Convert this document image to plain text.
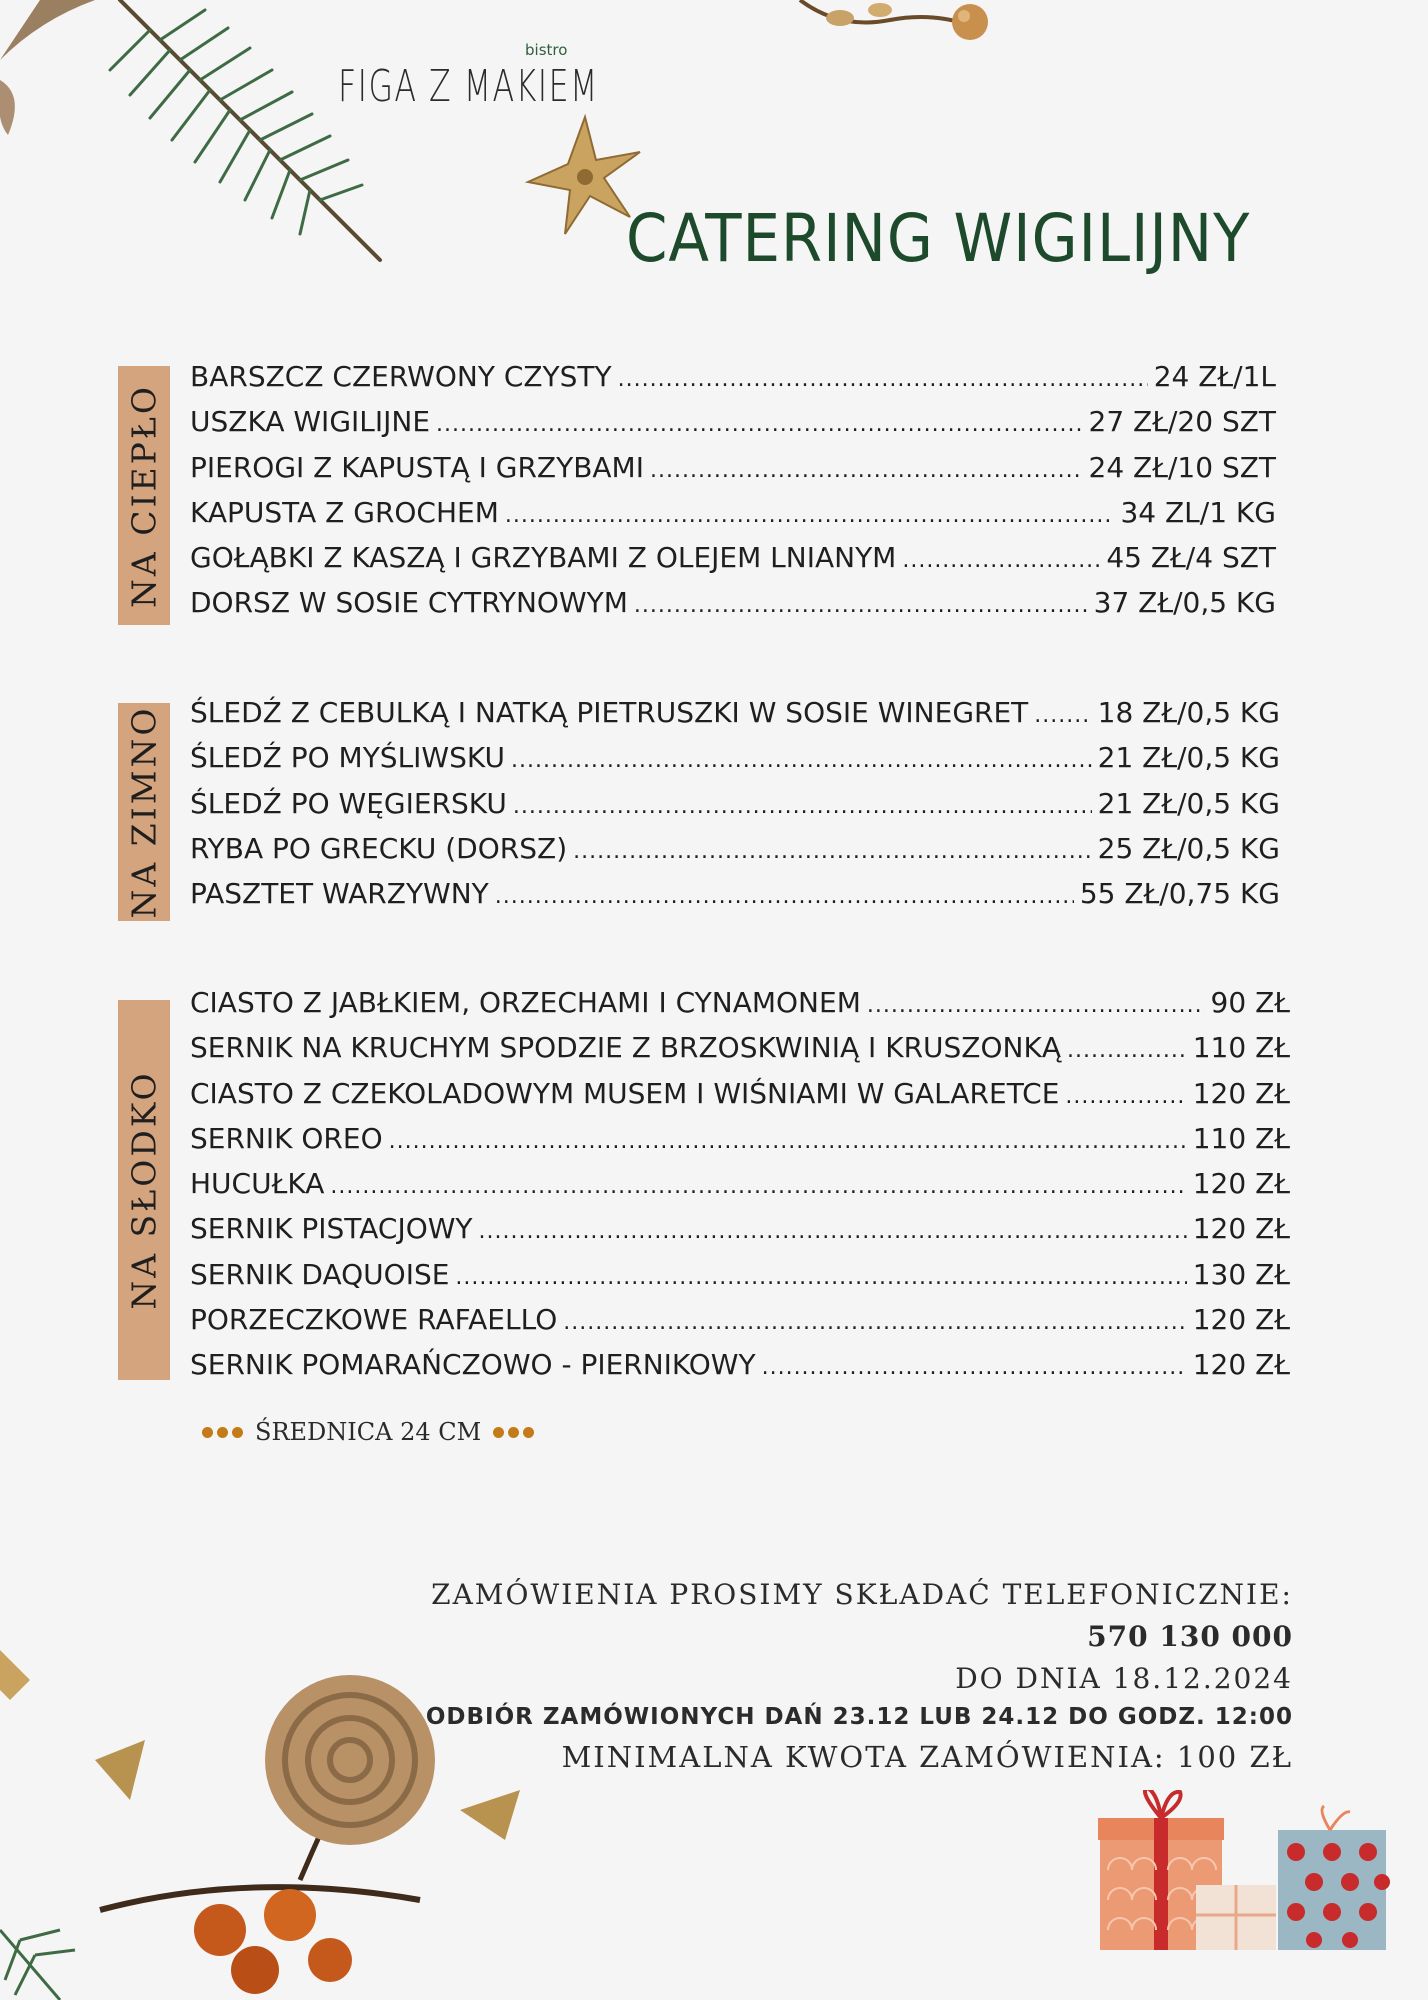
FIGA Z MAKIEM
bistro
CATERING WIGILIJNY
NA CIEPŁO
BARSZCZ CZERWONY CZYSTY .....	24 ZŁ/1L
USZKA WIGILIJNE .....	27 ZŁ/20 SZT
PIEROGI Z KAPUSTĄ I GRZYBAMI .....	24 ZŁ/10 SZT
KAPUSTA Z GROCHEM .....	34 ZL/1 KG
GOŁĄBKI Z KASZĄ I GRZYBAMI Z OLEJEM LNIANYM .....	45 ZŁ/4 SZT
DORSZ W SOSIE CYTRYNOWYM .....	37 ZŁ/0,5 KG
NA ZIMNO ŚLEDŹ Z CEBULKĄ I NATKĄ PIETRUSZKI W SOSIE WINEGRET ..... 18 ZŁ/0,5 KG
ŚLEDŹ PO MYŚLIWSKU .....	21 ZŁ/0,5 KG
ŚLEDŹ PO WĘGIERSKU .....	21 ZŁ/0,5 KG
RYBA PO GRECKU (DORSZ) .....	25 ZŁ/0,5 KG
PASZTET WARZYWNY .....	55 ZŁ/0,75 KG
NA SŁODKO
CIASTO Z JABŁKIEM, ORZECHAMI I CYNAMONEM .....	90 ZŁ
SERNIK NA KRUCHYM SPODZIE Z BRZOSKWINIĄ I KRUSZONKĄ .....	110 ZŁ
CIASTO Z CZEKOLADOWYM MUSEM I WIŚNIAMI W GALARETCE .....	120 ZŁ
SERNIK OREO .....	110 ZŁ
HUCUŁKA .....	120 ZŁ
SERNIK PISTACJOWY .....	120 ZŁ
SERNIK DAQUOISE .....	130 ZŁ
PORZECZKOWE RAFAELLO .....	120 ZŁ
SERNIK POMARAŃCZOWO - PIERNIKOWY .....	120 ZŁ
ŚREDNICA 24 CM
ZAMÓWIENIA PROSIMY SKŁADAĆ TELEFONICZNIE:
570 130 000
DO DNIA 18.12.2024
ODBIÓR ZAMÓWIONYCH DAŃ 23.12 LUB 24.12 DO GODZ. 12:00
MINIMALNA KWOTA ZAMÓWIENIA: 100 ZŁ
